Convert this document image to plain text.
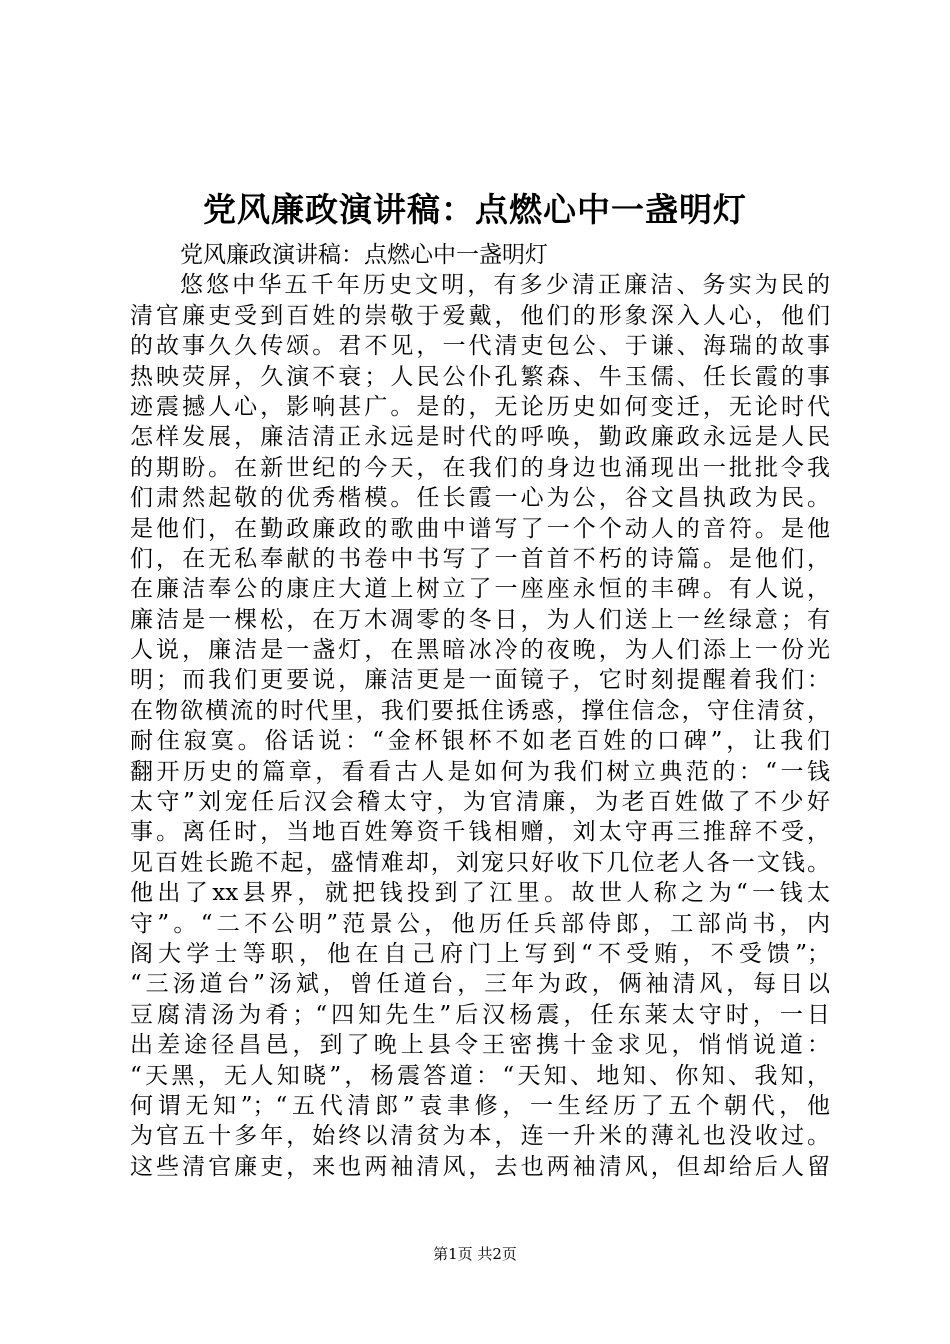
党风廉政演讲稿：点燃心中一盏明灯
党风廉政演讲稿：点燃心中一盏明灯
悠悠中华五千年历史文明，有多少清正廉洁、务实为民的
清官廉吏受到百姓的崇敬于爱戴，他们的形象深入人心，他们
的故事久久传颂。君不见，一代清吏包公、于谦、海瑞的故事
热映荧屏，久演不衰；人民公仆孔繁森、牛玉儒、任长霞的事
迹震撼人心，影响甚广。是的，无论历史如何变迁，无论时代
怎样发展，廉洁清正永远是时代的呼唤，勤政廉政永远是人民
的期盼。在新世纪的今天，在我们的身边也涌现出一批批令我
们肃然起敬的优秀楷模。任长霞一心为公，谷文昌执政为民。
是他们，在勤政廉政的歌曲中谱写了一个个动人的音符。是他
们，在无私奉献的书卷中书写了一首首不朽的诗篇。是他们，
在廉洁奉公的康庄大道上树立了一座座永恒的丰碑。有人说，
廉洁是一棵松，在万木凋零的冬日，为人们送上一丝绿意；有
人说，廉洁是一盏灯，在黑暗冰冷的夜晚，为人们添上一份光
明；而我们更要说，廉洁更是一面镜子，它时刻提醒着我们：
在物欲横流的时代里，我们要抵住诱惑，撑住信念，守住清贫，
耐住寂寞。俗话说：“金杯银杯不如老百姓的口碑”，让我们
翻开历史的篇章，看看古人是如何为我们树立典范的：“一钱
太守”刘宠任后汉会稽太守，为官清廉，为老百姓做了不少好
事。离任时，当地百姓筹资千钱相赠，刘太守再三推辞不受，
见百姓长跪不起，盛情难却，刘宠只好收下几位老人各一文钱。
他出了xx县界，就把钱投到了江里。故世人称之为“一钱太
守”。“二不公明”范景公，他历任兵部侍郎，工部尚书，内
阁大学士等职，他在自己府门上写到“不受贿，不受馈”；
“三汤道台”汤斌，曾任道台，三年为政，俩袖清风，每日以
豆腐清汤为肴；“四知先生”后汉杨震，任东莱太守时，一日
出差途径昌邑，到了晚上县令王密携十金求见，悄悄说道：
“天黑，无人知晓”，杨震答道：“天知、地知、你知、我知，
何谓无知”；“五代清郎”袁聿修，一生经历了五个朝代，他
为官五十多年，始终以清贫为本，连一升米的薄礼也没收过。
这些清官廉吏，来也两袖清风，去也两袖清风，但却给后人留
第1页 共2页
